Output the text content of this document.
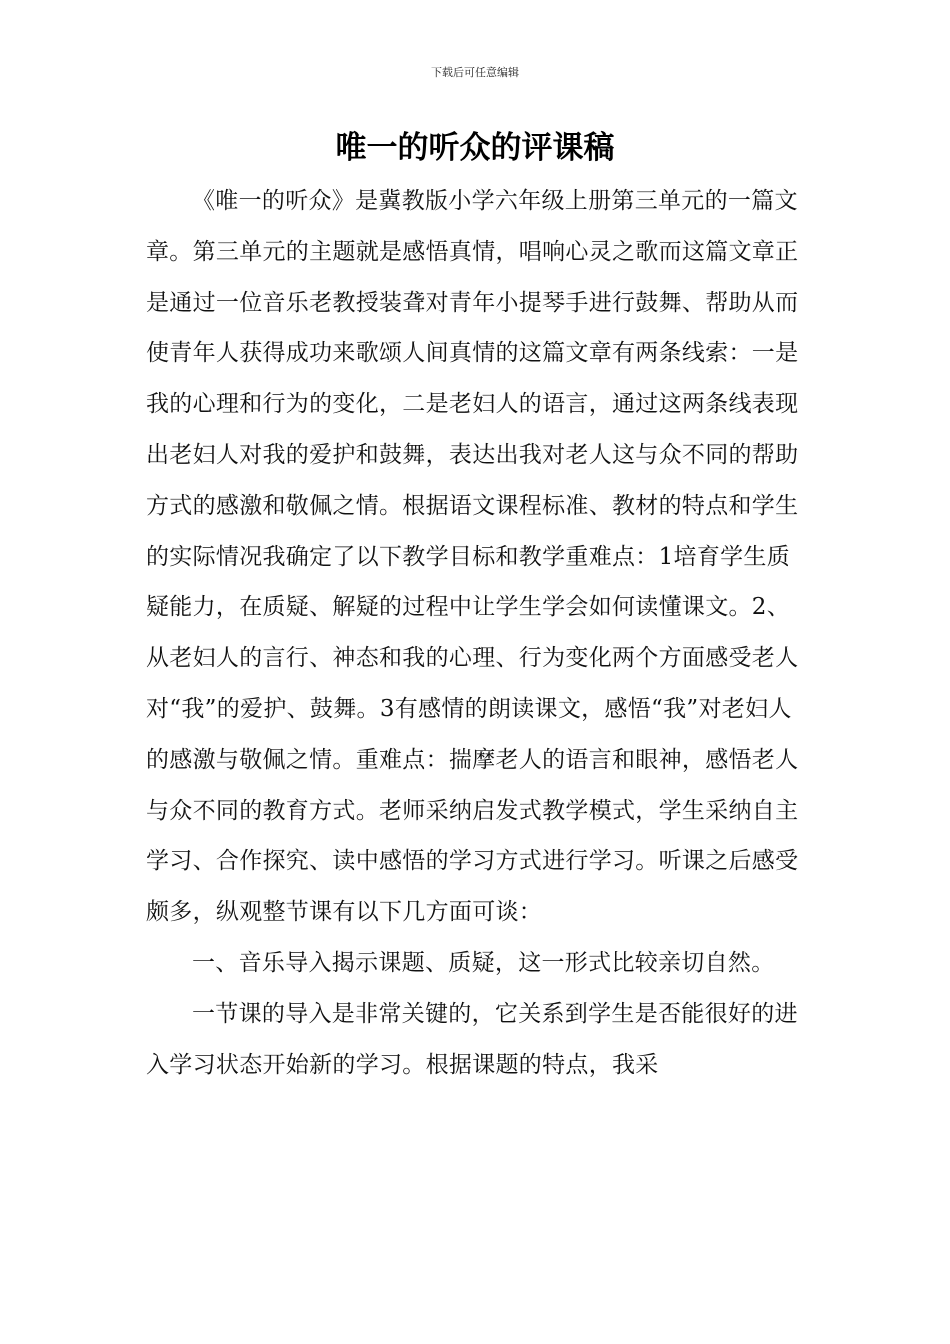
下载后可任意编辑
唯一的听众的评课稿

《唯一的听众》是冀教版小学六年级上册第三单元的一篇文章。第三单元的主题就是感悟真情，唱响心灵之歌而这篇文章正是通过一位音乐老教授装聋对青年小提琴手进行鼓舞、帮助从而使青年人获得成功来歌颂人间真情的这篇文章有两条线索：一是我的心理和行为的变化，二是老妇人的语言，通过这两条线表现出老妇人对我的爱护和鼓舞，表达出我对老人这与众不同的帮助方式的感激和敬佩之情。根据语文课程标准、教材的特点和学生的实际情况我确定了以下教学目标和教学重难点：1培育学生质疑能力，在质疑、解疑的过程中让学生学会如何读懂课文。2、从老妇人的言行、神态和我的心理、行为变化两个方面感受老人对“我”的爱护、鼓舞。3有感情的朗读课文，感悟“我”对老妇人的感激与敬佩之情。重难点：揣摩老人的语言和眼神，感悟老人与众不同的教育方式。老师采纳启发式教学模式，学生采纳自主学习、合作探究、读中感悟的学习方式进行学习。听课之后感受颇多，纵观整节课有以下几方面可谈：

一、音乐导入揭示课题、质疑，这一形式比较亲切自然。

一节课的导入是非常关键的，它关系到学生是否能很好的进入学习状态开始新的学习。根据课题的特点，我采
